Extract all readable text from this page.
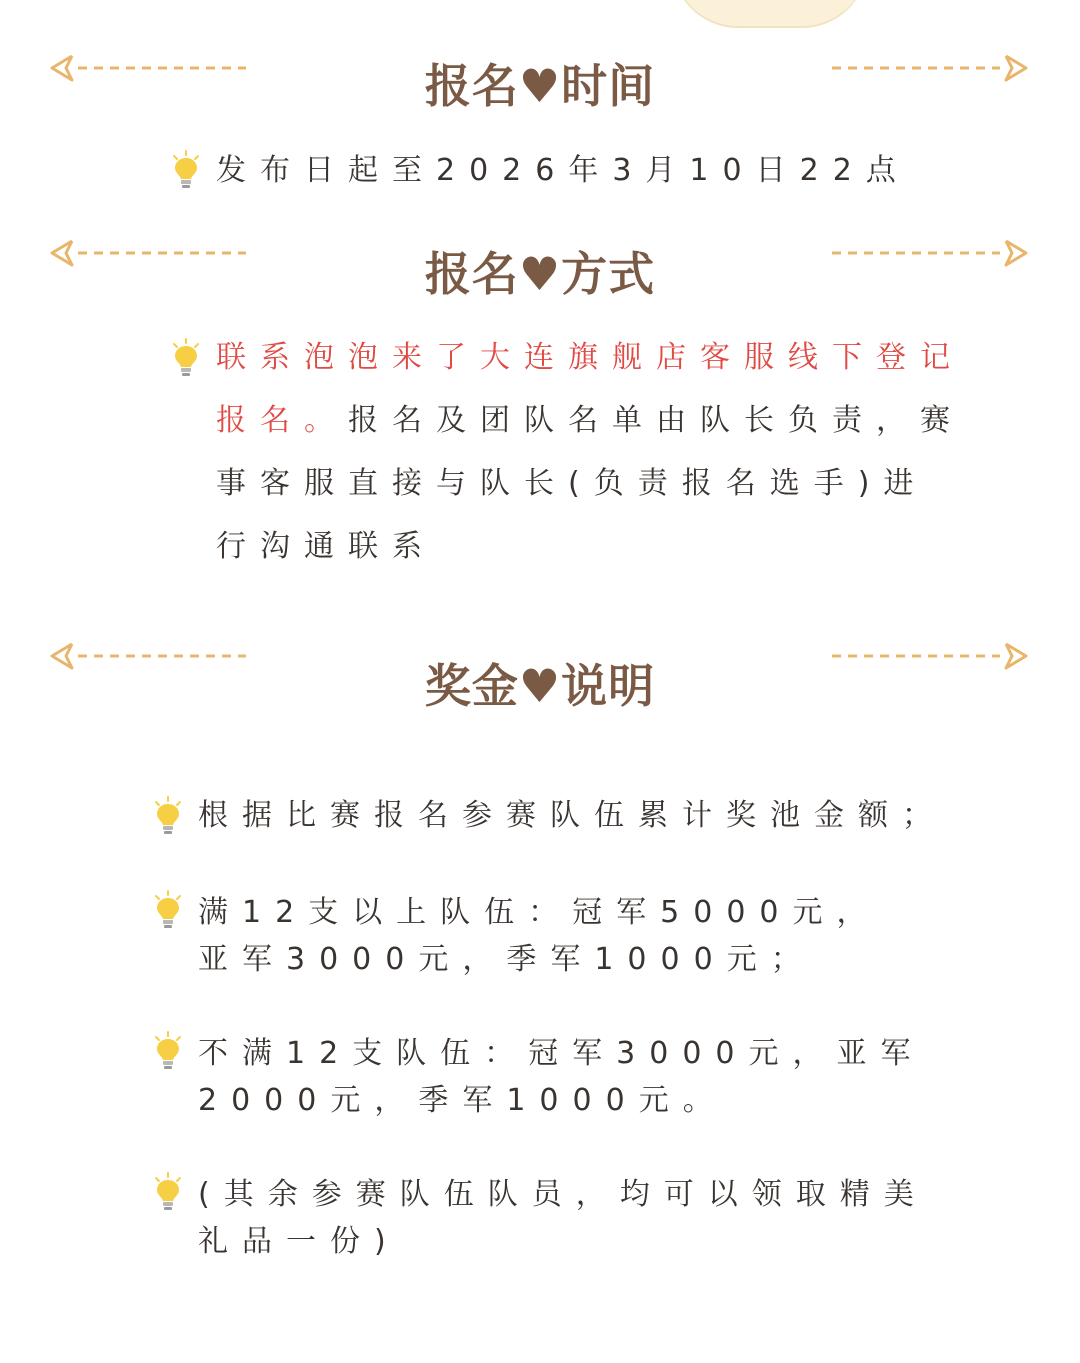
报名♥时间

发布日起至2026年3月10日22点

报名♥方式

联系泡泡来了大连旗舰店客服线下登记报名。报名及团队名单由队长负责，赛事客服直接与队长(负责报名选手)进行沟通联系

奖金♥说明

根据比赛报名参赛队伍累计奖池金额；

满12支以上队伍：冠军5000元， 亚军3000元，季军1000元；

不满12支队伍：冠军3000元，亚军2000元，季军1000元。

(其余参赛队伍队员，均可以领取精美礼品一份)
